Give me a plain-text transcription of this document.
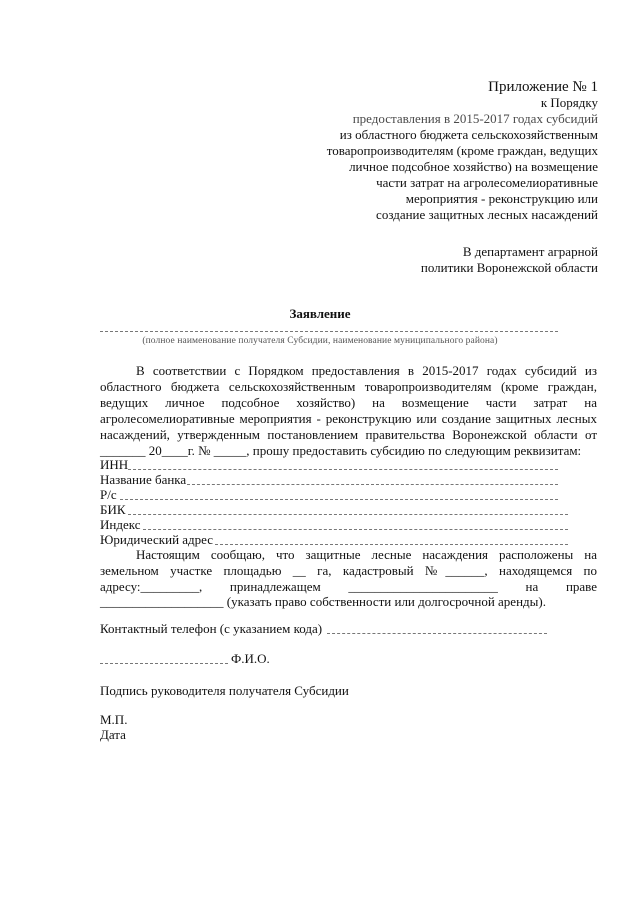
Приложение № 1
к Порядку
предоставления в 2015-2017 годах субсидий
из областного бюджета сельскохозяйственным
товаропроизводителям (кроме граждан, ведущих
личное подсобное хозяйство) на возмещение
части затрат на агролесомелиоративные
мероприятия - реконструкцию или
создание защитных лесных насаждений
В департамент аграрной
политики Воронежской области
Заявление
(полное наименование получателя Субсидии, наименование муниципального района)
В соответствии с Порядком предоставления в 2015-2017 годах субсидий из
областного бюджета сельскохозяйственным товаропроизводителям (кроме граждан,
ведущих личное подсобное хозяйство) на возмещение части затрат на
агролесомелиоративные мероприятия - реконструкцию или создание защитных лесных
насаждений, утвержденным постановлением правительства Воронежской области от
_______ 20____г. № _____, прошу предоставить субсидию по следующим реквизитам:
ИНН
Название банка
Р/с
БИК
Индекс
Юридический адрес
Настоящим сообщаю, что защитные лесные насаждения расположены на
земельном участке площадью __ га, кадастровый №______, находящемся по
адресу:_________, принадлежащем _______________________ на праве
___________________ (указать право собственности или долгосрочной аренды).
Контактный телефон (с указанием кода)
Ф.И.О.
Подпись руководителя получателя Субсидии
М.П.
Дата
